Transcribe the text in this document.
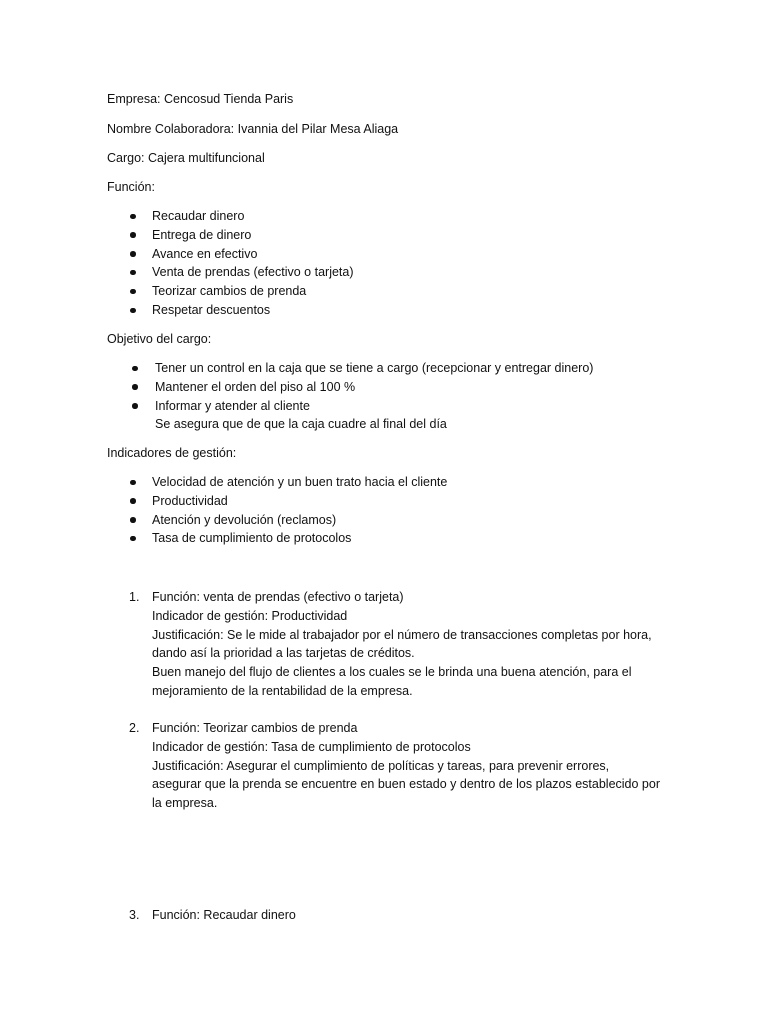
Empresa: Cencosud Tienda Paris
Nombre Colaboradora: Ivannia del Pilar Mesa Aliaga
Cargo: Cajera multifuncional
Función:
Recaudar dinero
Entrega de dinero
Avance en efectivo
Venta de prendas (efectivo o tarjeta)
Teorizar cambios de prenda
Respetar descuentos
Objetivo del cargo:
Tener un control en la caja que se tiene a cargo (recepcionar y entregar dinero)
Mantener el orden del piso al 100 %
Informar y atender al cliente
Se asegura que de que la caja cuadre al final del día
Indicadores de gestión:
Velocidad de atención y un buen trato hacia el cliente
Productividad
Atención y devolución (reclamos)
Tasa de cumplimiento de protocolos
1. Función: venta de prendas (efectivo o tarjeta)
Indicador de gestión: Productividad
Justificación: Se le mide al trabajador por el número de transacciones completas por hora,
dando así la prioridad a las tarjetas de créditos.
Buen manejo del flujo de clientes a los cuales se le brinda una buena atención, para el
mejoramiento de la rentabilidad de la empresa.
2. Función: Teorizar cambios de prenda
Indicador de gestión: Tasa de cumplimiento de protocolos
Justificación: Asegurar el cumplimiento de políticas y tareas, para prevenir errores,
asegurar que la prenda se encuentre en buen estado y dentro de los plazos establecido por
la empresa.
3. Función: Recaudar dinero
